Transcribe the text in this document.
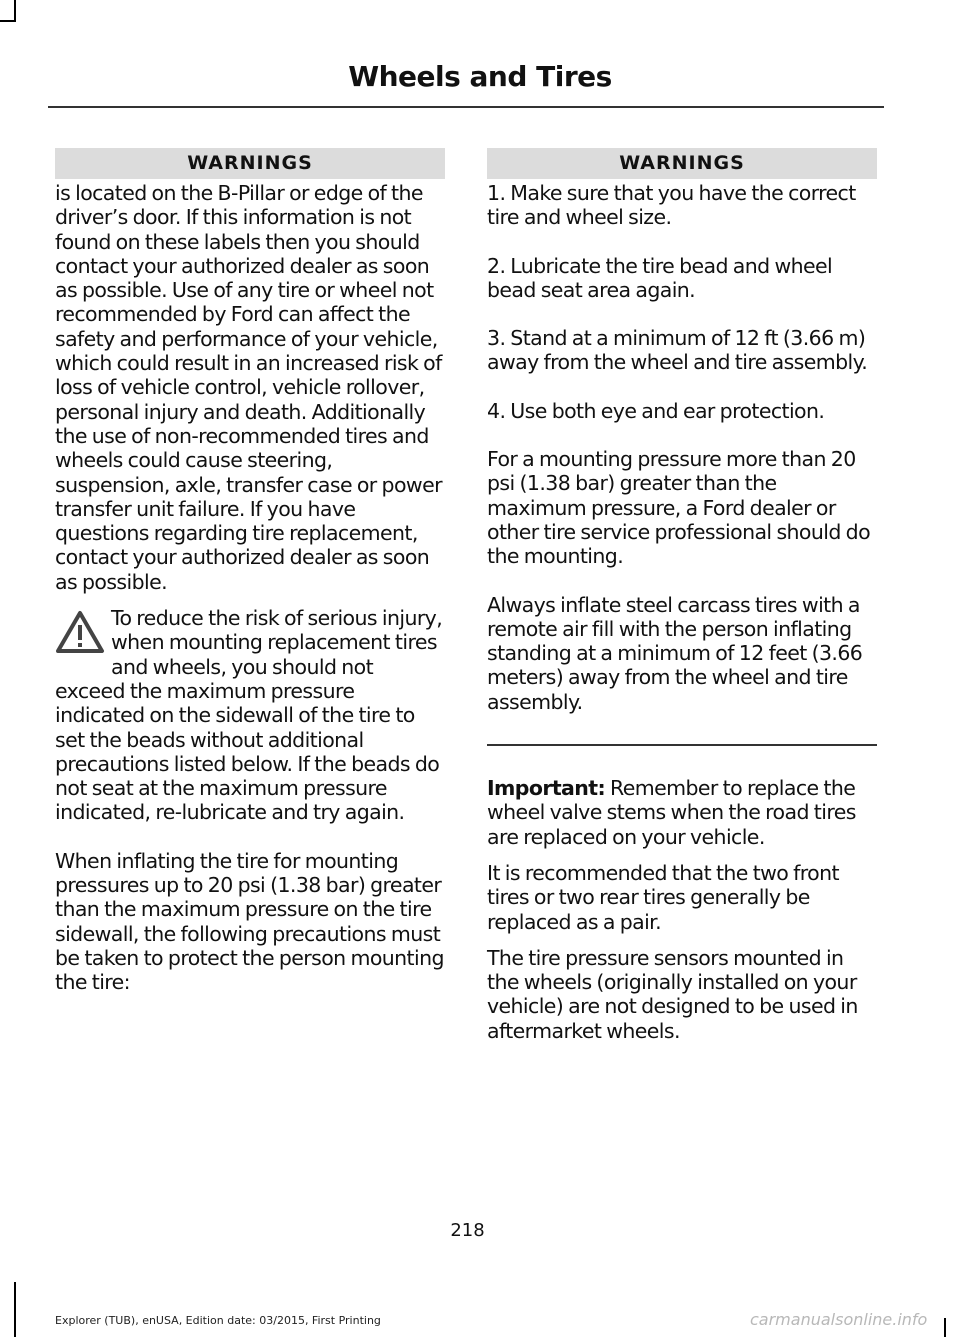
Wheels and Tires
WARNINGS

is located on the B-Pillar or edge of the driver’s door. If this information is not found on these labels then you should contact your authorized dealer as soon as possible. Use of any tire or wheel not recommended by Ford can affect the safety and performance of your vehicle, which could result in an increased risk of loss of vehicle control, vehicle rollover, personal injury and death. Additionally the use of non-recommended tires and wheels could cause steering, suspension, axle, transfer case or power transfer unit failure. If you have questions regarding tire replacement, contact your authorized dealer as soon as possible.

To reduce the risk of serious injury, when mounting replacement tires and wheels, you should not exceed the maximum pressure indicated on the sidewall of the tire to set the beads without additional precautions listed below. If the beads do not seat at the maximum pressure indicated, re-lubricate and try again.

When inflating the tire for mounting pressures up to 20 psi (1.38 bar) greater than the maximum pressure on the tire sidewall, the following precautions must be taken to protect the person mounting the tire:

WARNINGS

1. Make sure that you have the correct tire and wheel size.

2. Lubricate the tire bead and wheel bead seat area again.

3. Stand at a minimum of 12 ft (3.66 m) away from the wheel and tire assembly.

4. Use both eye and ear protection.

For a mounting pressure more than 20 psi (1.38 bar) greater than the maximum pressure, a Ford dealer or other tire service professional should do the mounting.

Always inflate steel carcass tires with a remote air fill with the person inflating standing at a minimum of 12 feet (3.66 meters) away from the wheel and tire assembly.

Important: Remember to replace the wheel valve stems when the road tires are replaced on your vehicle.

It is recommended that the two front tires or two rear tires generally be replaced as a pair.

The tire pressure sensors mounted in the wheels (originally installed on your vehicle) are not designed to be used in aftermarket wheels.

218
Explorer (TUB), enUSA, Edition date: 03/2015, First Printing	carmanualsonline.info
